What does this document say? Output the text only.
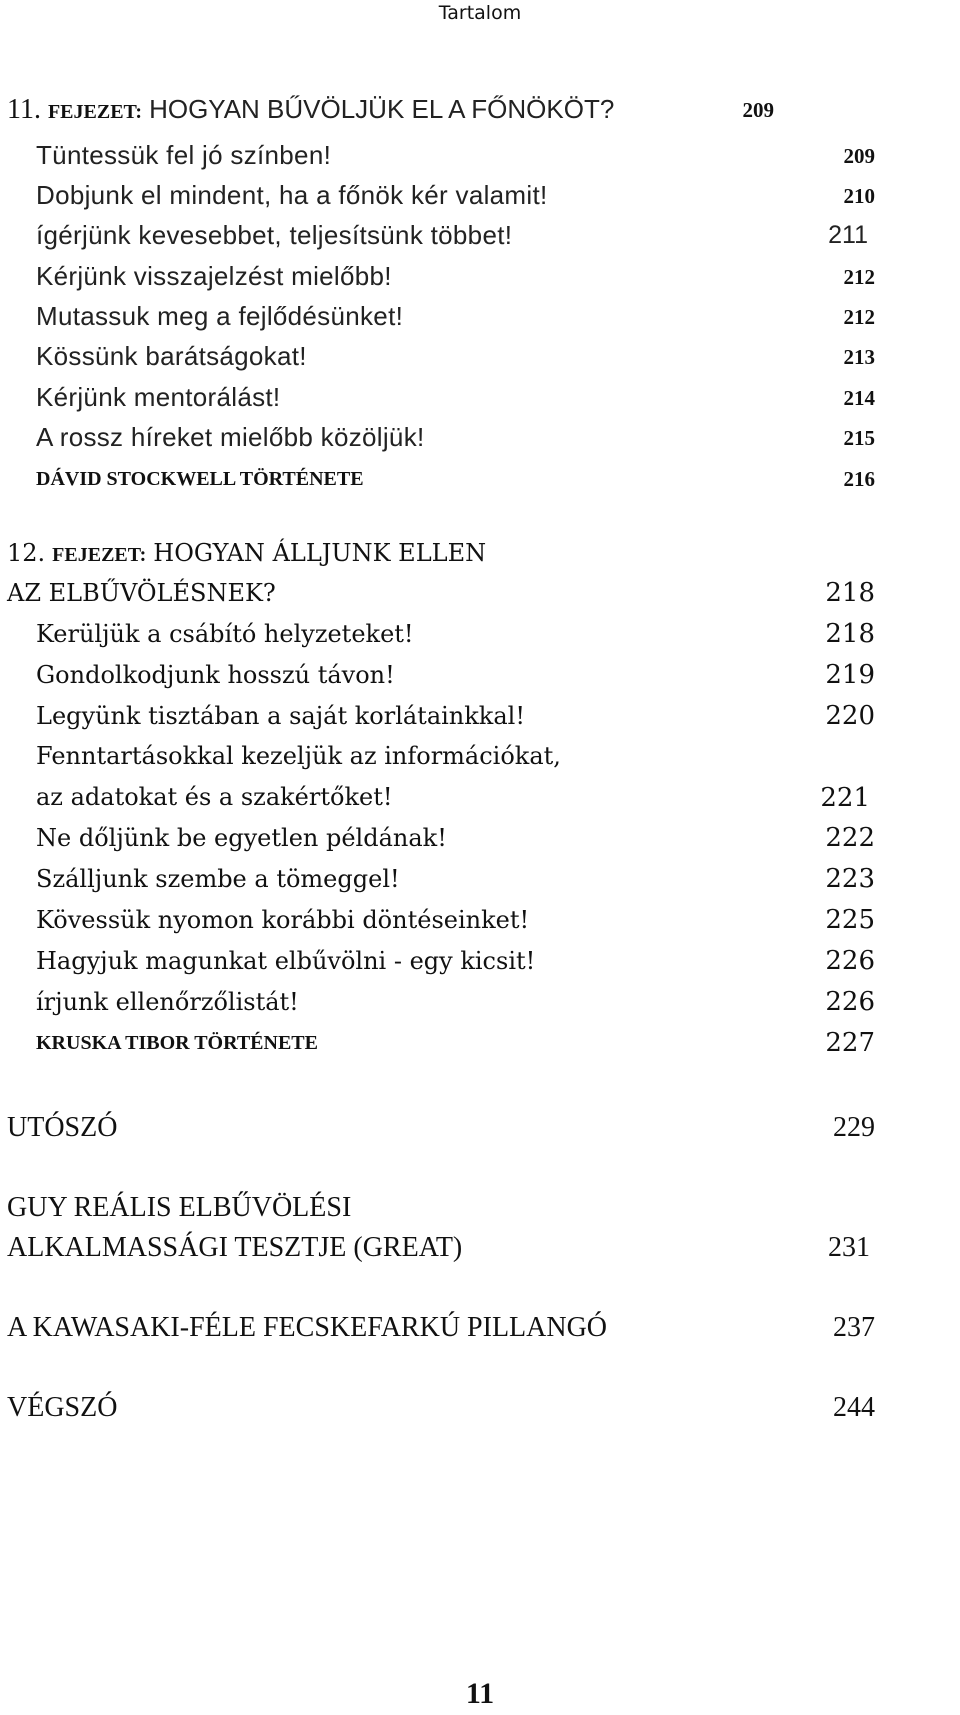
Tartalom
11. FEJEZET: HOGYAN BŰVÖLJÜK EL A FŐNÖKÖT?	209
Tüntessük fel jó színben!	209
Dobjunk el mindent, ha a főnök kér valamit!	210
ígérjünk kevesebbet, teljesítsünk többet!	211
Kérjünk visszajelzést mielőbb!	212
Mutassuk meg a fejlődésünket!	212
Kössünk barátságokat!	213
Kérjünk mentorálást!	214
A rossz híreket mielőbb közöljük!	215
DÁVID STOCKWELL TÖRTÉNETE	216
12. FEJEZET: HOGYAN ÁLLJUNK ELLEN
AZ ELBŰVÖLÉSNEK?	218
Kerüljük a csábító helyzeteket!	218
Gondolkodjunk hosszú távon!	219
Legyünk tisztában a saját korlátainkkal!	220
Fenntartásokkal kezeljük az információkat,
az adatokat és a szakértőket!	221
Ne dőljünk be egyetlen példának!	222
Szálljunk szembe a tömeggel!	223
Kövessük nyomon korábbi döntéseinket!	225
Hagyjuk magunkat elbűvölni - egy kicsit!	226
írjunk ellenőrzőlistát!	226
KRUSKA TIBOR TÖRTÉNETE	227
UTÓSZÓ	229
GUY REÁLIS ELBŰVÖLÉSI
ALKALMASSÁGI TESZTJE (GREAT)	231
A KAWASAKI-FÉLE FECSKEFARKÚ PILLANGÓ	237
VÉGSZÓ	244
11
